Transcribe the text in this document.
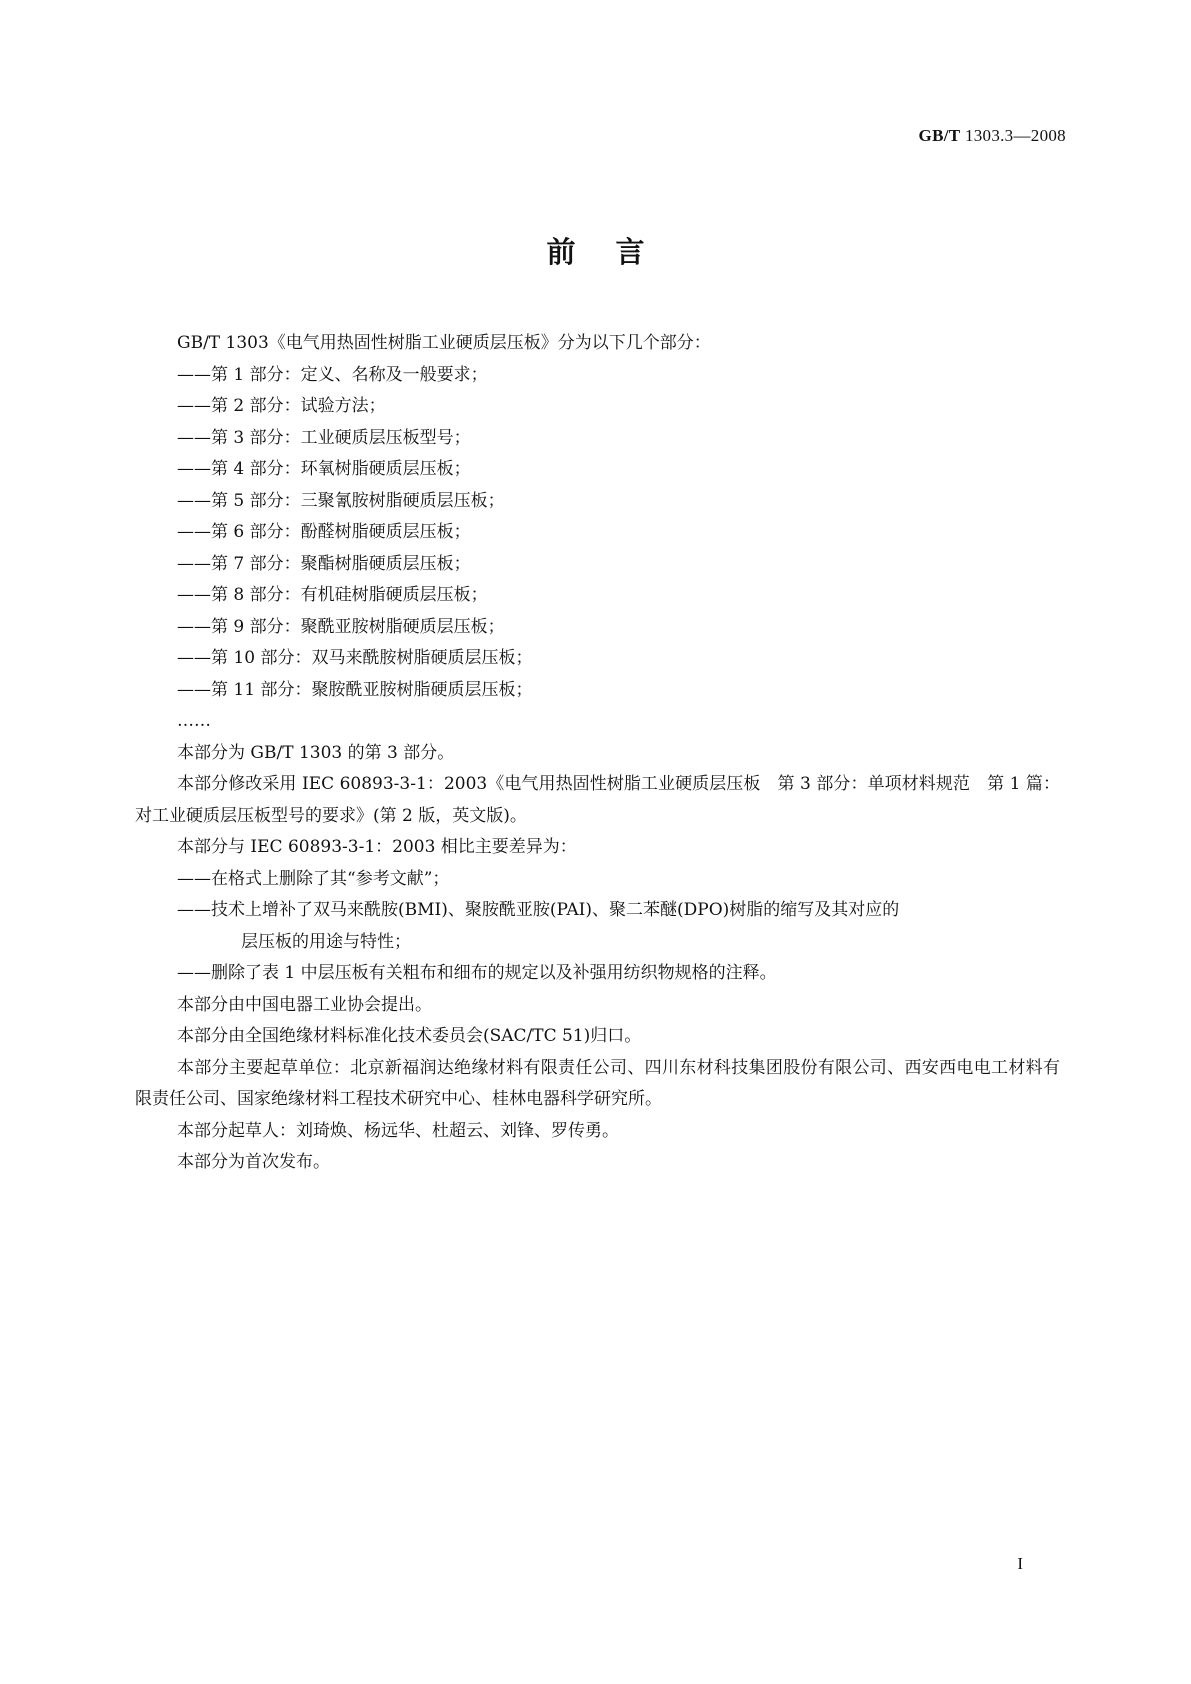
GB/T 1303.3—2008
前言

GB/T 1303《电气用热固性树脂工业硬质层压板》分为以下几个部分：

——第 1 部分：定义、名称及一般要求；

——第 2 部分：试验方法；

——第 3 部分：工业硬质层压板型号；

——第 4 部分：环氧树脂硬质层压板；

——第 5 部分：三聚氰胺树脂硬质层压板；

——第 6 部分：酚醛树脂硬质层压板；

——第 7 部分：聚酯树脂硬质层压板；

——第 8 部分：有机硅树脂硬质层压板；

——第 9 部分：聚酰亚胺树脂硬质层压板；

——第 10 部分：双马来酰胺树脂硬质层压板；

——第 11 部分：聚胺酰亚胺树脂硬质层压板；

……

本部分为 GB/T 1303 的第 3 部分。

本部分修改采用 IEC 60893-3-1：2003《电气用热固性树脂工业硬质层压板　第 3 部分：单项材料规范　第 1 篇：对工业硬质层压板型号的要求》(第 2 版，英文版)。

本部分与 IEC 60893-3-1：2003 相比主要差异为：

——在格式上删除了其“参考文献”；

——技术上增补了双马来酰胺(BMI)、聚胺酰亚胺(PAI)、聚二苯醚(DPO)树脂的缩写及其对应的
层压板的用途与特性；

——删除了表 1 中层压板有关粗布和细布的规定以及补强用纺织物规格的注释。

本部分由中国电器工业协会提出。

本部分由全国绝缘材料标准化技术委员会(SAC/TC 51)归口。

本部分主要起草单位：北京新福润达绝缘材料有限责任公司、四川东材科技集团股份有限公司、西安西电电工材料有限责任公司、国家绝缘材料工程技术研究中心、桂林电器科学研究所。

本部分起草人：刘琦焕、杨远华、杜超云、刘锋、罗传勇。

本部分为首次发布。

I
